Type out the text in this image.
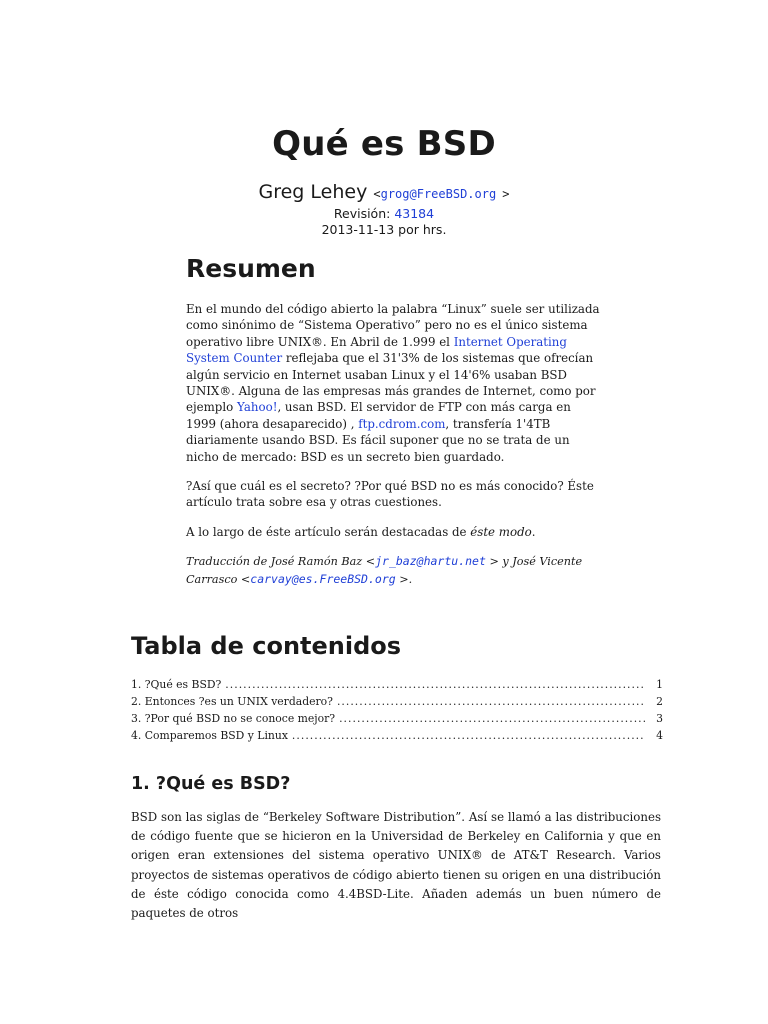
Qué es BSD
Greg Lehey <grog@FreeBSD.org >
Revisión: 43184
2013-11-13 por hrs.
Resumen

En el mundo del código abierto la palabra “Linux” suele ser utilizada como sinónimo de “Sistema Operativo” pero no es el único sistema operativo libre UNIX®. En Abril de 1.999 el Internet Operating System Counter reflejaba que el 31'3% de los sistemas que ofrecían algún servicio en Internet usaban Linux y el 14'6% usaban BSD UNIX®. Alguna de las empresas más grandes de Internet, como por ejemplo Yahoo!, usan BSD. El servidor de FTP con más carga en 1999 (ahora desaparecido) , ftp.cdrom.com, transfería 1'4TB diariamente usando BSD. Es fácil suponer que no se trata de un nicho de mercado: BSD es un secreto bien guardado.

?Así que cuál es el secreto? ?Por qué BSD no es más conocido? Éste artículo trata sobre esa y otras cuestiones.

A lo largo de éste artículo serán destacadas de éste modo.

Traducción de José Ramón Baz <jr_baz@hartu.net > y José Vicente Carrasco <carvay@es.FreeBSD.org >.

Tabla de contenidos
1. ?Qué es BSD? . . .	1
2. Entonces ?es un UNIX verdadero? . . .	2
3. ?Por qué BSD no se conoce mejor? . . .	3
4. Comparemos BSD y Linux . . .	4
1. ?Qué es BSD?

BSD son las siglas de “Berkeley Software Distribution”. Así se llamó a las distribuciones de código fuente que se hicieron en la Universidad de Berkeley en California y que en origen eran extensiones del sistema operativo UNIX® de AT&T Research. Varios proyectos de sistemas operativos de código abierto tienen su origen en una distribución de éste código conocida como 4.4BSD-Lite. Añaden además un buen número de paquetes de otros
